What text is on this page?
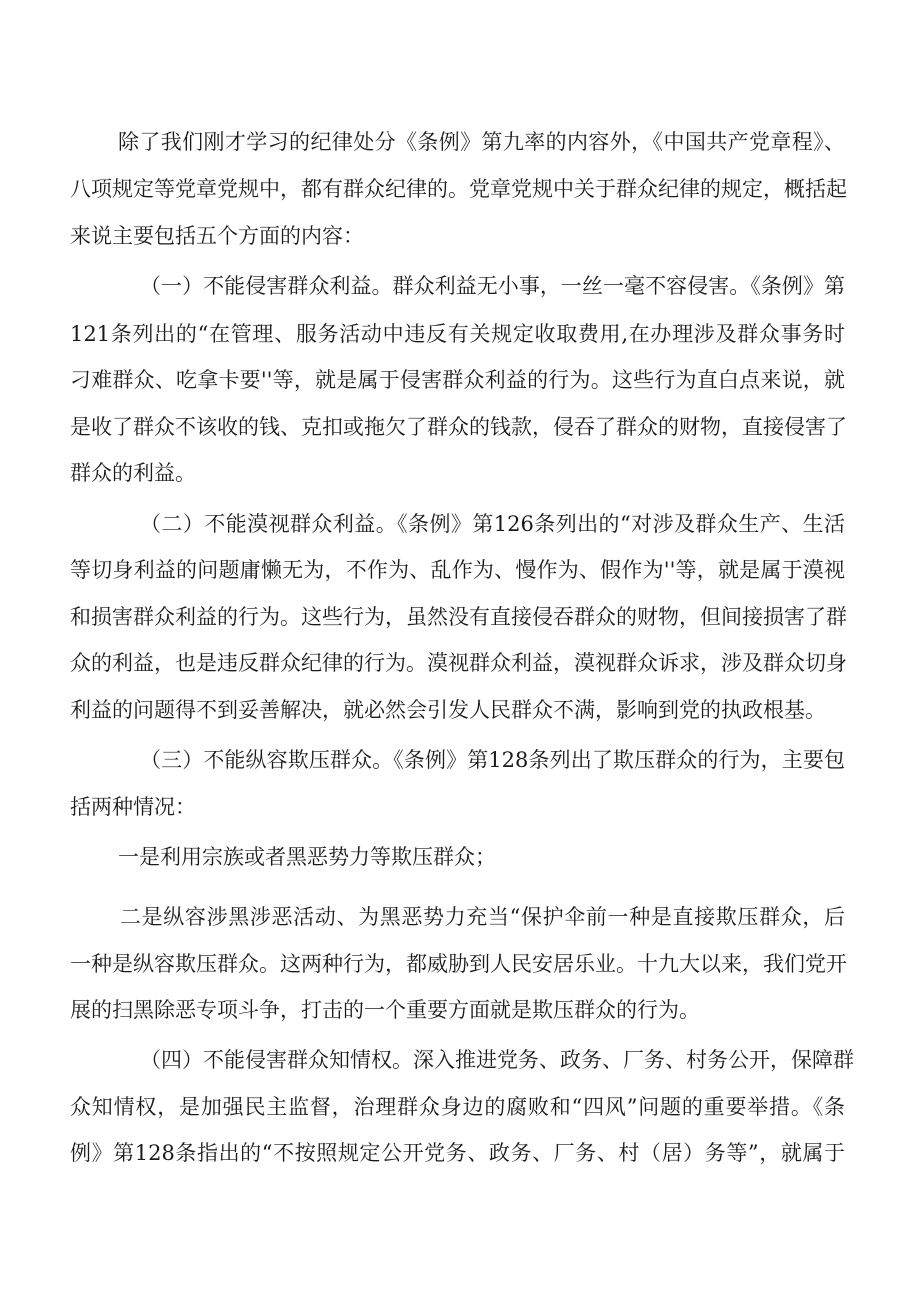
除了我们刚才学习的纪律处分《条例》第九率的内容外，《中国共产党章程》、

八项规定等党章党规中，都有群众纪律的。党章党规中关于群众纪律的规定，概括起

来说主要包括五个方面的内容：

（一）不能侵害群众利益。群众利益无小事，一丝一毫不容侵害。《条例》第

121条列出的“在管理、服务活动中违反有关规定收取费用,在办理涉及群众事务时

刁难群众、吃拿卡要''等，就是属于侵害群众利益的行为。这些行为直白点来说，就

是收了群众不该收的钱、克扣或拖欠了群众的钱款，侵吞了群众的财物，直接侵害了

群众的利益。

（二）不能漠视群众利益。《条例》第126条列出的“对涉及群众生产、生活

等切身利益的问题庸懒无为，不作为、乱作为、慢作为、假作为''等，就是属于漠视

和损害群众利益的行为。这些行为，虽然没有直接侵吞群众的财物，但间接损害了群

众的利益，也是违反群众纪律的行为。漠视群众利益，漠视群众诉求，涉及群众切身

利益的问题得不到妥善解决，就必然会引发人民群众不满，影响到党的执政根基。

（三）不能纵容欺压群众。《条例》第128条列出了欺压群众的行为，主要包

括两种情况：

一是利用宗族或者黑恶势力等欺压群众；

二是纵容涉黑涉恶活动、为黑恶势力充当“保护伞前一种是直接欺压群众，后

一种是纵容欺压群众。这两种行为，都威胁到人民安居乐业。十九大以来，我们党开

展的扫黑除恶专项斗争，打击的一个重要方面就是欺压群众的行为。

（四）不能侵害群众知情权。深入推进党务、政务、厂务、村务公开，保障群

众知情权，是加强民主监督，治理群众身边的腐败和“四风”问题的重要举措。《条

例》第128条指出的“不按照规定公开党务、政务、厂务、村（居）务等”，就属于
